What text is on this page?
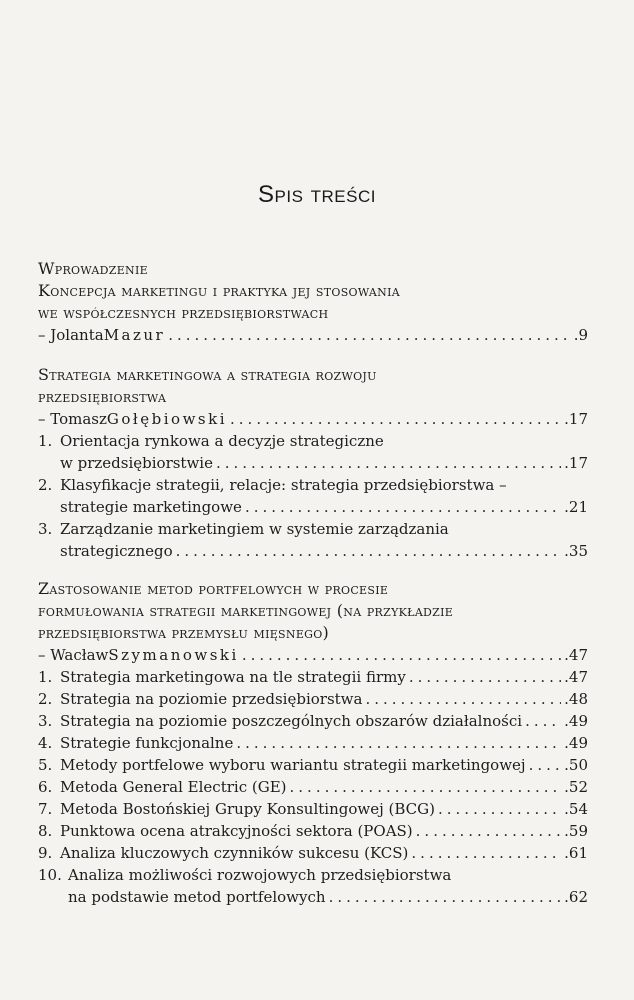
Spis treści
Wprowadzenie
Koncepcja marketingu i praktyka jej stosowania
we współczesnych przedsiębiorstwach
– Jolanta Mazur .....	.9
Strategia marketingowa a strategia rozwoju
przedsiębiorstwa
– Tomasz Gołębiowski .....	.17
1. Orientacja rynkowa a decyzje strategiczne
w przedsiębiorstwie .....	.17
2. Klasyfikacje strategii, relacje: strategia przedsiębiorstwa –
strategie marketingowe .....	.21
3. Zarządzanie marketingiem w systemie zarządzania
strategicznego .....	.35
Zastosowanie metod portfelowych w procesie
formułowania strategii marketingowej (na przykładzie
przedsiębiorstwa przemysłu mięsnego)
– Wacław Szymanowski .....	.47
1. Strategia marketingowa na tle strategii firmy .....	.47
2. Strategia na poziomie przedsiębiorstwa .....	.48
3. Strategia na poziomie poszczególnych obszarów działalności .....	.49
4. Strategie funkcjonalne .....	.49
5. Metody portfelowe wyboru wariantu strategii marketingowej .....	.50
6. Metoda General Electric (GE) .....	.52
7. Metoda Bostońskiej Grupy Konsultingowej (BCG) .....	.54
8. Punktowa ocena atrakcyjności sektora (POAS) .....	.59
9. Analiza kluczowych czynników sukcesu (KCS) .....	.61
10. Analiza możliwości rozwojowych przedsiębiorstwa
na podstawie metod portfelowych .....	.62
